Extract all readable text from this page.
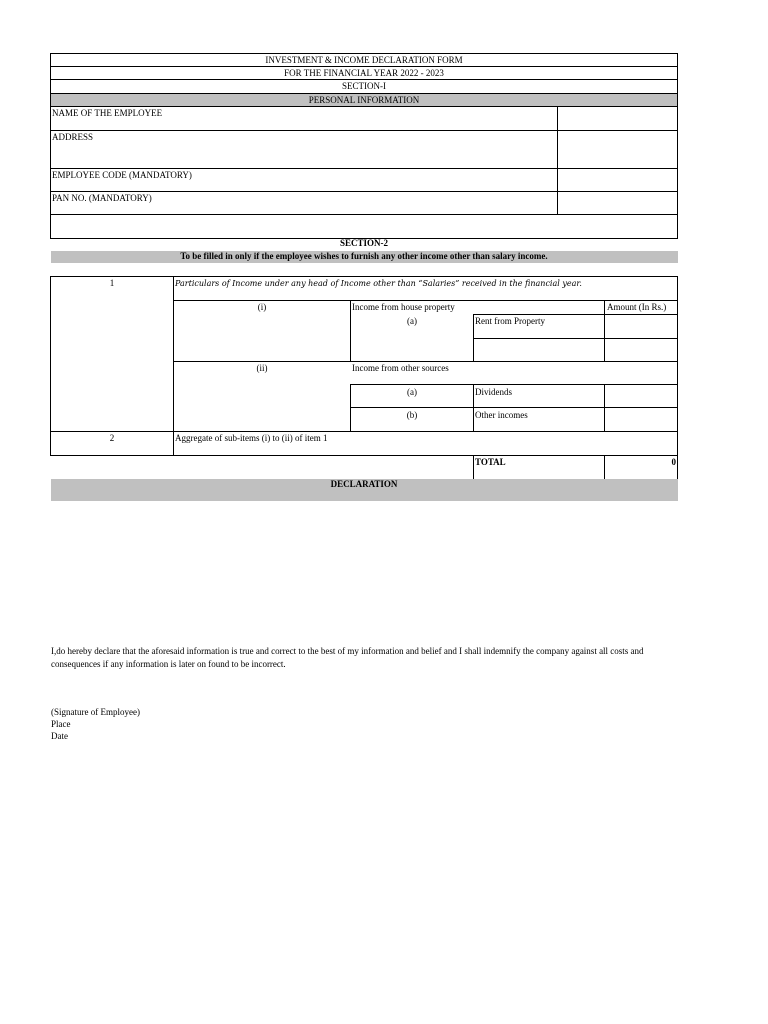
INVESTMENT & INCOME DECLARATION FORM
FOR THE FINANCIAL YEAR 2022 - 2023
SECTION-I
PERSONAL INFORMATION
NAME OF THE EMPLOYEE
ADDRESS
EMPLOYEE CODE (MANDATORY)
PAN NO. (MANDATORY)
SECTION-2
To be filled in only if the employee wishes to furnish any other income other than salary income.
1	Particulars of Income under any head of Income other than “Salaries” received in the financial year.
(i)	Income from house property	Amount (In Rs.)
(a)	Rent from Property
(ii)	Income from other sources
(a)	Dividends
(b)	Other incomes
2	Aggregate of sub-items (i) to (ii) of item 1
TOTAL	0
DECLARATION
I,do hereby declare that the aforesaid information is true and correct to the best of my information and belief and I shall indemnify the company against all costs and consequences if any information is later on found to be incorrect.
(Signature of Employee)
Place
Date
